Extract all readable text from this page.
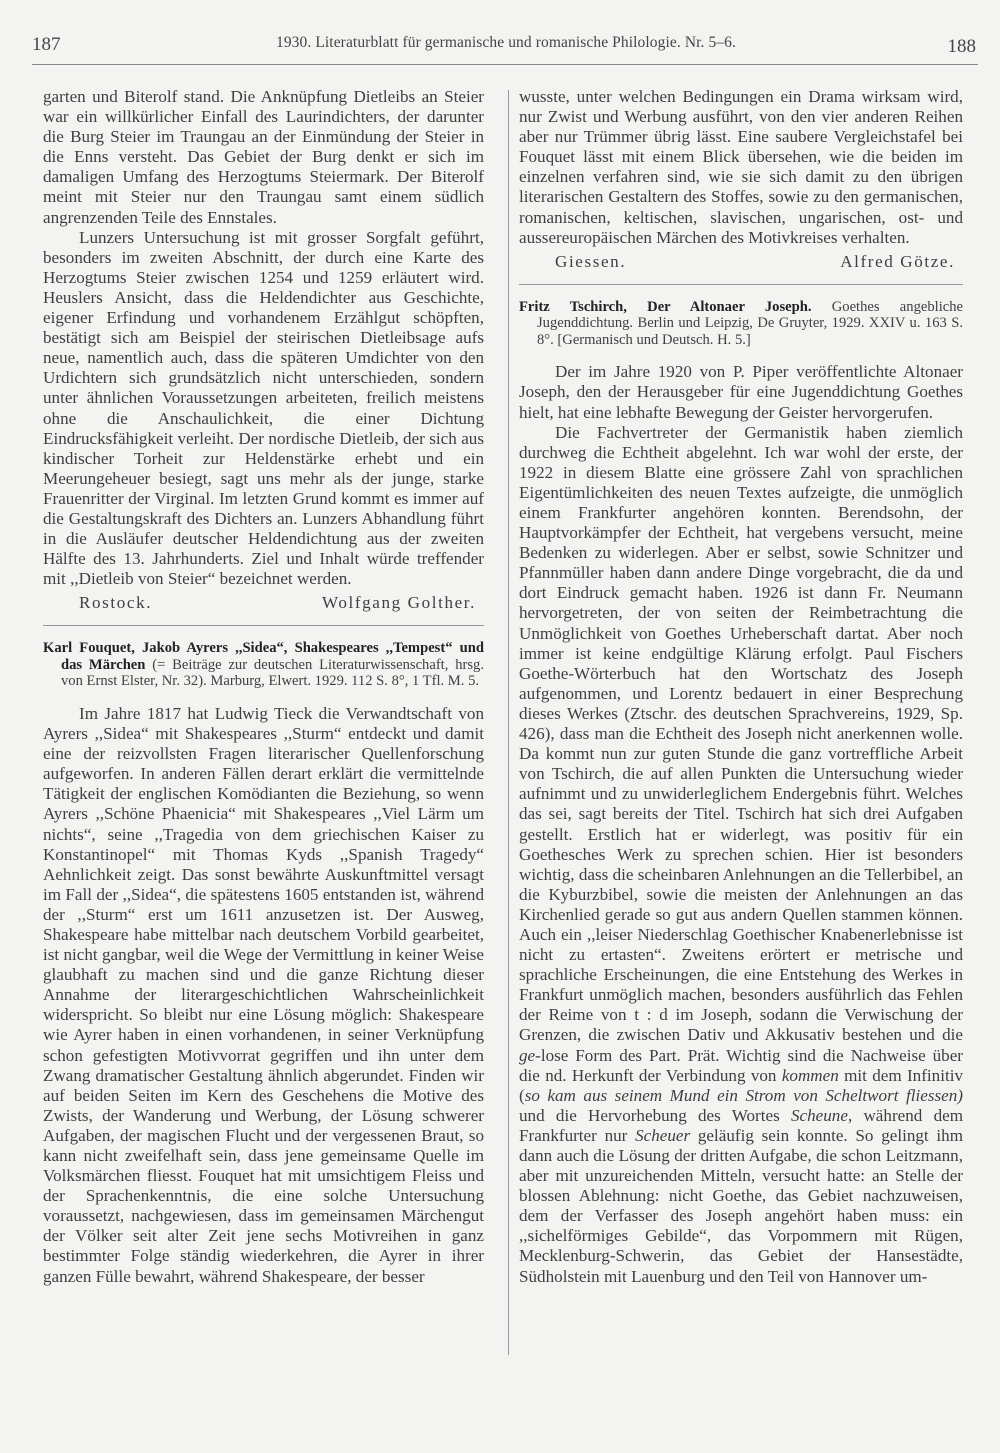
187	1930. Literaturblatt für germanische und romanische Philologie. Nr. 5–6.	188

garten und Biterolf stand. Die Anknüpfung Dietleibs an Steier war ein willkürlicher Einfall des Laurindichters, der darunter die Burg Steier im Traungau an der Einmündung der Steier in die Enns versteht. Das Gebiet der Burg denkt er sich im damaligen Umfang des Herzogtums Steiermark. Der Biterolf meint mit Steier nur den Traungau samt einem südlich angrenzenden Teile des Ennstales.

Lunzers Untersuchung ist mit grosser Sorgfalt geführt, besonders im zweiten Abschnitt, der durch eine Karte des Herzogtums Steier zwischen 1254 und 1259 erläutert wird. Heuslers Ansicht, dass die Heldendichter aus Geschichte, eigener Erfindung und vorhandenem Erzählgut schöpften, bestätigt sich am Beispiel der steirischen Dietleibsage aufs neue, namentlich auch, dass die späteren Umdichter von den Urdichtern sich grundsätzlich nicht unterschieden, sondern unter ähnlichen Voraussetzungen arbeiteten, freilich meistens ohne die Anschaulichkeit, die einer Dichtung Eindrucksfähigkeit verleiht. Der nordische Dietleib, der sich aus kindischer Torheit zur Heldenstärke erhebt und ein Meerungeheuer besiegt, sagt uns mehr als der junge, starke Frauenritter der Virginal. Im letzten Grund kommt es immer auf die Gestaltungskraft des Dichters an. Lunzers Abhandlung führt in die Ausläufer deutscher Heldendichtung aus der zweiten Hälfte des 13. Jahrhunderts. Ziel und Inhalt würde treffender mit ,,Dietleib von Steier“ bezeichnet werden.

Rostock.	Wolfgang Golther.

Karl Fouquet, Jakob Ayrers ,,Sidea“, Shakespeares ,,Tempest“ und das Märchen (= Beiträge zur deutschen Literaturwissenschaft, hrsg. von Ernst Elster, Nr. 32). Marburg, Elwert. 1929. 112 S. 8°, 1 Tfl. M. 5.

Im Jahre 1817 hat Ludwig Tieck die Verwandtschaft von Ayrers ,,Sidea“ mit Shakespeares ,,Sturm“ entdeckt und damit eine der reizvollsten Fragen literarischer Quellenforschung aufgeworfen. In anderen Fällen derart erklärt die vermittelnde Tätigkeit der englischen Komödianten die Beziehung, so wenn Ayrers ,,Schöne Phaenicia“ mit Shakespeares ,,Viel Lärm um nichts“, seine ,,Tragedia von dem griechischen Kaiser zu Konstantinopel“ mit Thomas Kyds ,,Spanish Tragedy“ Aehnlichkeit zeigt. Das sonst bewährte Auskunftmittel versagt im Fall der ,,Sidea“, die spätestens 1605 entstanden ist, während der ,,Sturm“ erst um 1611 anzusetzen ist. Der Ausweg, Shakespeare habe mittelbar nach deutschem Vorbild gearbeitet, ist nicht gangbar, weil die Wege der Vermittlung in keiner Weise glaubhaft zu machen sind und die ganze Richtung dieser Annahme der literargeschichtlichen Wahrscheinlichkeit widerspricht. So bleibt nur eine Lösung möglich: Shakespeare wie Ayrer haben in einen vorhandenen, in seiner Verknüpfung schon gefestigten Motivvorrat gegriffen und ihn unter dem Zwang dramatischer Gestaltung ähnlich abgerundet. Finden wir auf beiden Seiten im Kern des Geschehens die Motive des Zwists, der Wanderung und Werbung, der Lösung schwerer Aufgaben, der magischen Flucht und der vergessenen Braut, so kann nicht zweifelhaft sein, dass jene gemeinsame Quelle im Volksmärchen fliesst. Fouquet hat mit umsichtigem Fleiss und der Sprachenkenntnis, die eine solche Untersuchung voraussetzt, nachgewiesen, dass im gemeinsamen Märchengut der Völker seit alter Zeit jene sechs Motivreihen in ganz bestimmter Folge ständig wiederkehren, die Ayrer in ihrer ganzen Fülle bewahrt, während Shakespeare, der besser

wusste, unter welchen Bedingungen ein Drama wirksam wird, nur Zwist und Werbung ausführt, von den vier anderen Reihen aber nur Trümmer übrig lässt. Eine saubere Vergleichstafel bei Fouquet lässt mit einem Blick übersehen, wie die beiden im einzelnen verfahren sind, wie sie sich damit zu den übrigen literarischen Gestaltern des Stoffes, sowie zu den germanischen, romanischen, keltischen, slavischen, ungarischen, ost- und aussereuropäischen Märchen des Motivkreises verhalten.

Giessen.	Alfred Götze.

Fritz Tschirch, Der Altonaer Joseph. Goethes angebliche Jugenddichtung. Berlin und Leipzig, De Gruyter, 1929. XXIV u. 163 S. 8°. [Germanisch und Deutsch. H. 5.]

Der im Jahre 1920 von P. Piper veröffentlichte Altonaer Joseph, den der Herausgeber für eine Jugenddichtung Goethes hielt, hat eine lebhafte Bewegung der Geister hervorgerufen.

Die Fachvertreter der Germanistik haben ziemlich durchweg die Echtheit abgelehnt. Ich war wohl der erste, der 1922 in diesem Blatte eine grössere Zahl von sprachlichen Eigentümlichkeiten des neuen Textes aufzeigte, die unmöglich einem Frankfurter angehören konnten. Berendsohn, der Hauptvorkämpfer der Echtheit, hat vergebens versucht, meine Bedenken zu widerlegen. Aber er selbst, sowie Schnitzer und Pfannmüller haben dann andere Dinge vorgebracht, die da und dort Eindruck gemacht haben. 1926 ist dann Fr. Neumann hervorgetreten, der von seiten der Reimbetrachtung die Unmöglichkeit von Goethes Urheberschaft dartat. Aber noch immer ist keine endgültige Klärung erfolgt. Paul Fischers Goethe-Wörterbuch hat den Wortschatz des Joseph aufgenommen, und Lorentz bedauert in einer Besprechung dieses Werkes (Ztschr. des deutschen Sprachvereins, 1929, Sp. 426), dass man die Echtheit des Joseph nicht anerkennen wolle. Da kommt nun zur guten Stunde die ganz vortreffliche Arbeit von Tschirch, die auf allen Punkten die Untersuchung wieder aufnimmt und zu unwiderleglichem Endergebnis führt. Welches das sei, sagt bereits der Titel. Tschirch hat sich drei Aufgaben gestellt. Erstlich hat er widerlegt, was positiv für ein Goethesches Werk zu sprechen schien. Hier ist besonders wichtig, dass die scheinbaren Anlehnungen an die Tellerbibel, an die Kyburzbibel, sowie die meisten der Anlehnungen an das Kirchenlied gerade so gut aus andern Quellen stammen können. Auch ein ,,leiser Niederschlag Goethischer Knabenerlebnisse ist nicht zu ertasten“. Zweitens erörtert er metrische und sprachliche Erscheinungen, die eine Entstehung des Werkes in Frankfurt unmöglich machen, besonders ausführlich das Fehlen der Reime von t : d im Joseph, sodann die Verwischung der Grenzen, die zwischen Dativ und Akkusativ bestehen und die ge-lose Form des Part. Prät. Wichtig sind die Nachweise über die nd. Herkunft der Verbindung von kommen mit dem Infinitiv (so kam aus seinem Mund ein Strom von Scheltwort fliessen) und die Hervorhebung des Wortes Scheune, während dem Frankfurter nur Scheuer geläufig sein konnte. So gelingt ihm dann auch die Lösung der dritten Aufgabe, die schon Leitzmann, aber mit unzureichenden Mitteln, versucht hatte: an Stelle der blossen Ablehnung: nicht Goethe, das Gebiet nachzuweisen, dem der Verfasser des Joseph angehört haben muss: ein ,,sichelförmiges Gebilde“, das Vorpommern mit Rügen, Mecklenburg-Schwerin, das Gebiet der Hansestädte, Südholstein mit Lauenburg und den Teil von Hannover um-
